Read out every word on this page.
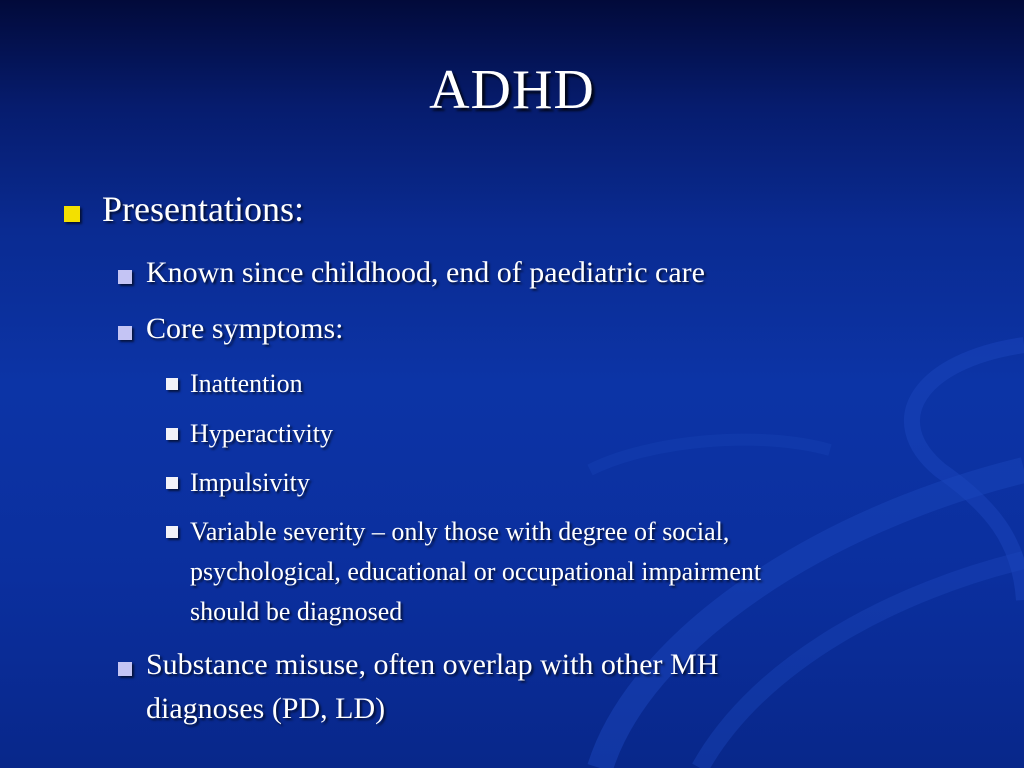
ADHD
Presentations:
Known since childhood, end of paediatric care
Core symptoms:
Inattention
Hyperactivity
Impulsivity
Variable severity – only those with degree of social,
psychological, educational or occupational impairment
should be diagnosed
Substance misuse, often overlap with other MH
diagnoses (PD, LD)
